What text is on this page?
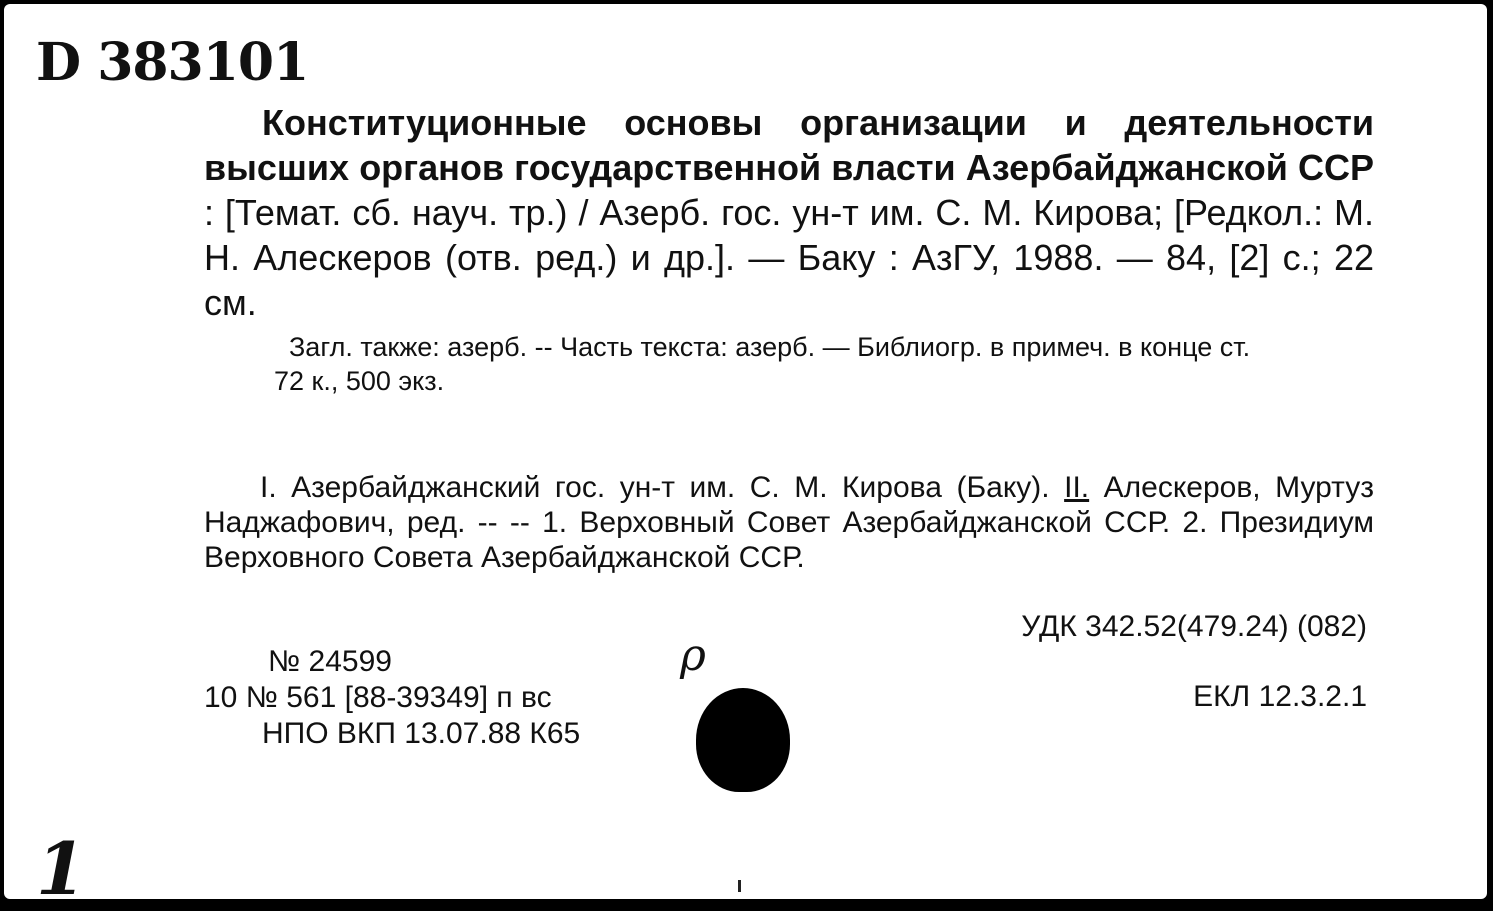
D 383101
Конституционные основы организации и деятельности высших органов государственной власти Азербайджанской ССР : [Темат. сб. науч. тр.) / Азерб. гос. ун-т им. С. М. Кирова; [Редкол.: М. Н. Алескеров (отв. ред.) и др.]. — Баку : АзГУ, 1988. — 84, [2] с.; 22 см.

Загл. также: азерб. -- Часть текста: азерб. — Библиогр. в примеч. в конце ст.

72 к., 500 экз.

I. Азербайджанский гос. ун-т им. С. М. Кирова (Баку). II. Алескеров, Муртуз Наджафович, ред. -- -- 1. Верховный Совет Азербайджанской ССР. 2. Президиум Верховного Совета Азербайджанской ССР.
УДК 342.52(479.24) (082)
№ 24599
10 № 561 [88-39349] п вс
НПО ВКП 13.07.88 К65
ρ
ЕКЛ 12.3.2.1
1
